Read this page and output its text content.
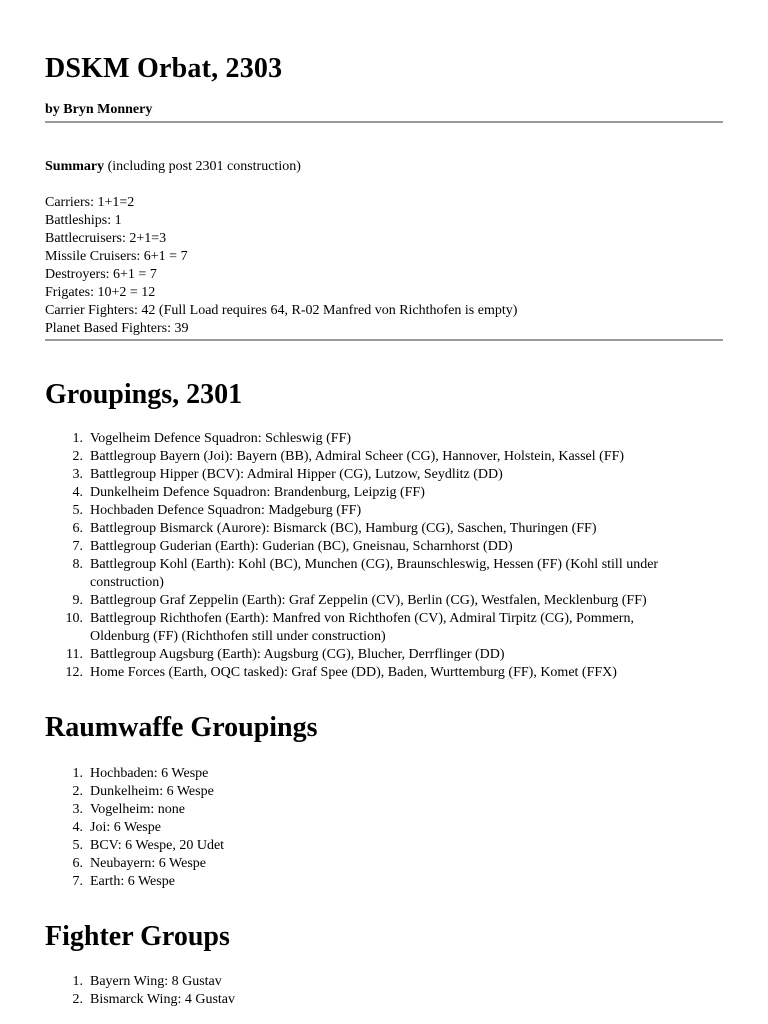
DSKM Orbat, 2303
by Bryn Monnery

Summary (including post 2301 construction)

Carriers: 1+1=2

Battleships: 1

Battlecruisers: 2+1=3

Missile Cruisers: 6+1 = 7

Destroyers: 6+1 = 7

Frigates: 10+2 = 12

Carrier Fighters: 42 (Full Load requires 64, R-02 Manfred von Richthofen is empty)

Planet Based Fighters: 39

Groupings, 2301
1. Vogelheim Defence Squadron: Schleswig (FF)
2. Battlegroup Bayern (Joi): Bayern (BB), Admiral Scheer (CG), Hannover, Holstein, Kassel (FF)
3. Battlegroup Hipper (BCV): Admiral Hipper (CG), Lutzow, Seydlitz (DD)
4. Dunkelheim Defence Squadron: Brandenburg, Leipzig (FF)
5. Hochbaden Defence Squadron: Madgeburg (FF)
6. Battlegroup Bismarck (Aurore): Bismarck (BC), Hamburg (CG), Saschen, Thuringen (FF)
7. Battlegroup Guderian (Earth): Guderian (BC), Gneisnau, Scharnhorst (DD)
8. Battlegroup Kohl (Earth): Kohl (BC), Munchen (CG), Braunschleswig, Hessen (FF) (Kohl still under
construction)
9. Battlegroup Graf Zeppelin (Earth): Graf Zeppelin (CV), Berlin (CG), Westfalen, Mecklenburg (FF)
10. Battlegroup Richthofen (Earth): Manfred von Richthofen (CV), Admiral Tirpitz (CG), Pommern,
Oldenburg (FF) (Richthofen still under construction)
11. Battlegroup Augsburg (Earth): Augsburg (CG), Blucher, Derrflinger (DD)
12. Home Forces (Earth, OQC tasked): Graf Spee (DD), Baden, Wurttemburg (FF), Komet (FFX)
Raumwaffe Groupings
1. Hochbaden: 6 Wespe
2. Dunkelheim: 6 Wespe
3. Vogelheim: none
4. Joi: 6 Wespe
5. BCV: 6 Wespe, 20 Udet
6. Neubayern: 6 Wespe
7. Earth: 6 Wespe
Fighter Groups
1. Bayern Wing: 8 Gustav
2. Bismarck Wing: 4 Gustav
